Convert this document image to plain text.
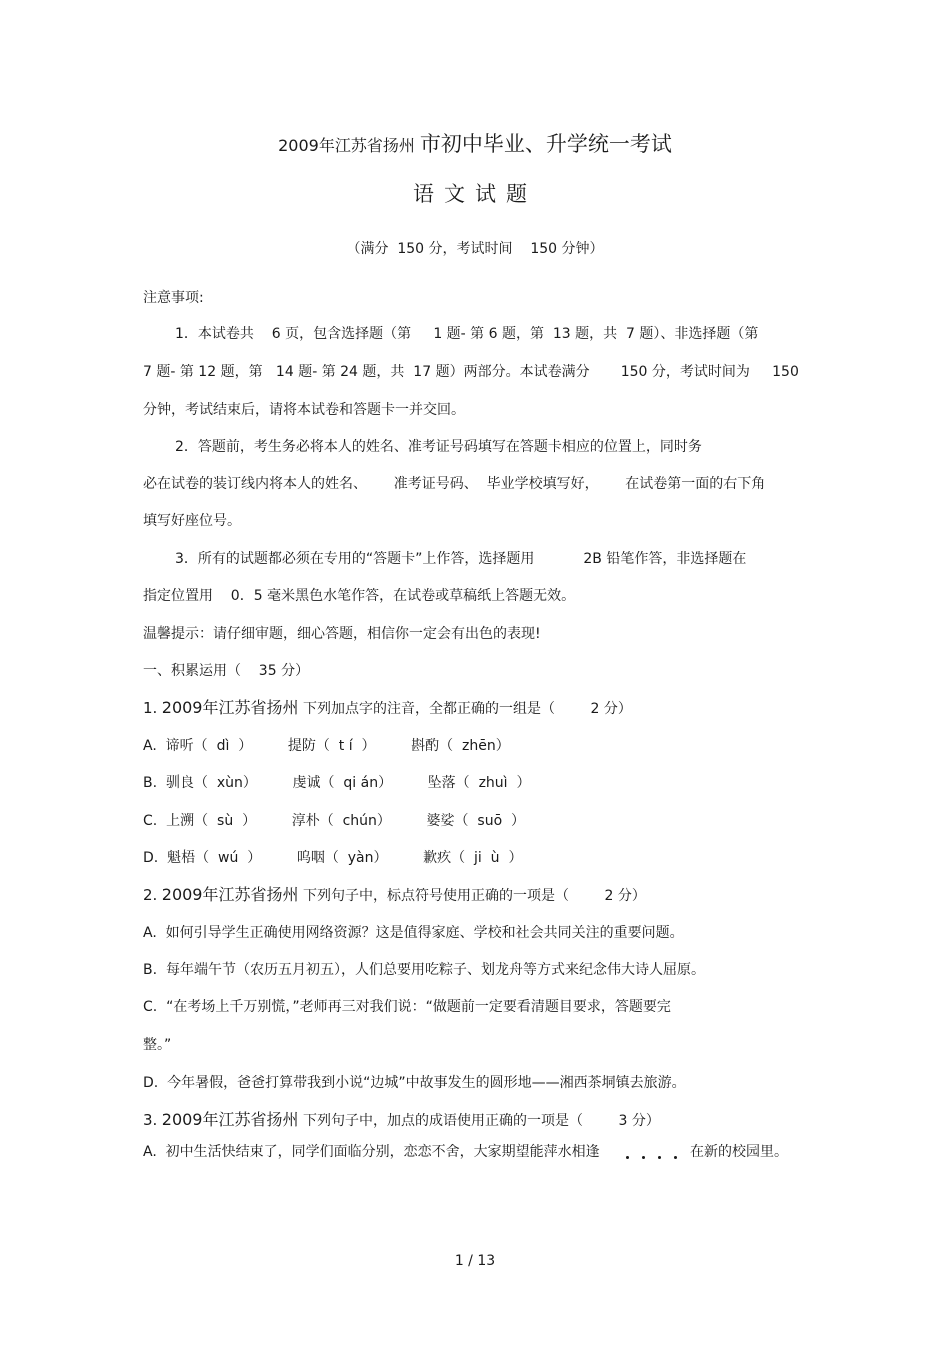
2009年江苏省扬州 市初中毕业、升学统一考试
语文试题
（满分  150 分，考试时间    150 分钟）
注意事项:
1．本试卷共    6 页，包含选择题（第     1 题- 第 6 题，第  13 题，共  7 题）、非选择题（第
7 题- 第 12 题，第   14 题- 第 24 题，共  17 题）两部分。本试卷满分       150 分，考试时间为     150
分钟，考试结束后，请将本试卷和答题卡一并交回。
2．答题前，考生务必将本人的姓名、准考证号码填写在答题卡相应的位置上，同时务
必在试卷的装订线内将本人的姓名、      准考证号码、  毕业学校填写好，      在试卷第一面的右下角
填写好座位号。
3．所有的试题都必须在专用的“答题卡”上作答，选择题用           2B 铅笔作答，非选择题在
指定位置用    0．5 毫米黑色水笔作答，在试卷或草稿纸上答题无效。
温馨提示：请仔细审题，细心答题，相信你一定会有出色的表现!
一、积累运用（    35 分）
1. 2009年江苏省扬州 下列加点字的注音，全都正确的一组是（        2 分）
A.  谛听（  dì  ）        提防（  t í  ）        斟酌（  zhēn）
B.  驯良（  xùn）        虔诚（  qi án）        坠落（  zhuì  ）
C.  上溯（  sù  ）        淳朴（  chún）        婆娑（  suō  ）
D.  魁梧（  wú  ）        呜咽（  yàn）        歉疚（  ji  ù  ）
2. 2009年江苏省扬州 下列句子中，标点符号使用正确的一项是（        2 分）
A.  如何引导学生正确使用网络资源？这是值得家庭、学校和社会共同关注的重要问题。
B.  每年端午节（农历五月初五），人们总要用吃粽子、划龙舟等方式来纪念伟大诗人屈原。
C.  “在考场上千万别慌，”老师再三对我们说：“做题前一定要看清题目要求，答题要完
整。”
D.  今年暑假，爸爸打算带我到小说“边城”中故事发生的圆形地——湘西茶垌镇去旅游。
3. 2009年江苏省扬州 下列句子中，加点的成语使用正确的一项是（        3 分）
A.  初中生活快结束了，同学们面临分别，恋恋不舍，大家期望能萍水相逢	在新的校园里。
1 / 13
